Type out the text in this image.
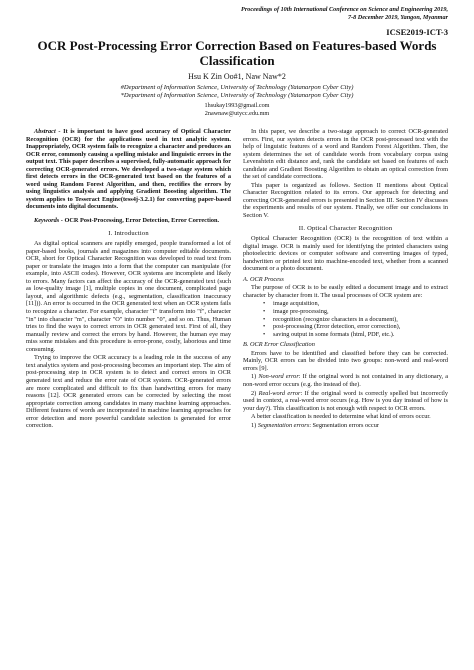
Proceedings of 10th International Conference on Science and Engineering 2019,
7-8 December 2019, Yangon, Myanmar
ICSE2019-ICT-3
OCR Post-Processing Error Correction Based on Features-based Words Classification
Hsu K Zin Oo#1, Naw Naw*2
#Department of Information Science, University of Technology (Yatanarpon Cyber City)
*Department of Information Science, University of Technology (Yatanarpon Cyber City)
1hsukay1993@gmail.com
2nawnaw@utycc.edu.mm

Abstract - It is important to have good accuracy of Optical Character Recognition (OCR) for the applications used in text analytic system. Inappropriately, OCR system fails to recognize a character and produces an OCR error, commonly causing a spelling mistake and linguistic errors in the output text. This paper describes a supervised, fully-automatic approach for correcting OCR-generated errors. We developed a two-stage system which first detects errors in the OCR-generated text based on the features of a word using Random Forest Algorithm, and then, rectifies the errors by using linguistics analysis and applying Gradient Boosting algorithm. The system applies to Tesseract Engine(tess4j-3.2.1) for converting paper-based documents into digital documents.

Keywords - OCR Post-Processing, Error Detection, Error Correction.

I. Introduction

As digital optical scanners are rapidly emerged, people transformed a lot of paper-based books, journals and magazines into computer editable documents. OCR, short for Optical Character Recognition was developed to read text from paper or translate the images into a form that the computer can manipulate (for example, into ASCII codes). However, OCR systems are incomplete and likely to errors. Many factors can affect the accuracy of the OCR-generated text (such as low-quality image [1], multiple copies in one document, complicated page layout, and algorithmic defects (e.g., segmentation, classification inaccuracy [11])). An error is occurred in the OCR generated text when an OCR system fails to recognize a character. For example, character "f" transform into "f", character "in" into character "m", character "O" into number "0", and so on. Thus, Human tries to find the ways to correct errors in OCR generated text. First of all, they manually review and correct the errors by hand. However, the human eye may miss some mistakes and this procedure is error-prone, costly, laborious and time consuming.

Trying to improve the OCR accuracy is a leading role in the success of any text analytics system and post-processing becomes an important step. The aim of post-processing step in OCR system is to detect and correct errors in OCR generated text and reduce the error rate of OCR system. OCR-generated errors are more complicated and difficult to fix than handwriting errors for many reasons [12]. OCR generated errors can be corrected by selecting the most appropriate correction among candidates in many machine learning approaches. Different features of words are incorporated in machine learning approaches for error detection and more powerful candidate selection is generated for error correction.

In this paper, we describe a two-stage approach to correct OCR-generated errors. First, our system detects errors in the OCR post-processed text with the help of linguistic features of a word and Random Forest Algorithm. Then, the system determines the set of candidate words from vocabulary corpus using Levenshtein edit distance and, rank the candidate set based on features of each candidate and Gradient Boosting Algorithm to obtain an optical correction from the set of candidate corrections.

This paper is organized as follows. Section II mentions about Optical Character Recognition related to its errors. Our approach for detecting and correcting OCR-generated errors is presented in Section III. Section IV discusses the experiments and results of our system. Finally, we offer our conclusions in Section V.

II. Optical Character Recognition

Optical Character Recognition (OCR) is the recognition of text within a digital image. OCR is mainly used for identifying the printed characters using photoelectric devices or computer software and converting images of typed, handwritten or printed text into machine-encoded text, whether from a scanned document or a photo document.

A. OCR Process

The purpose of OCR is to be easily edited a document image and to extract character by character from it. The usual processes of OCR system are:

• image acquisition,
• image pre-processing,
• recognition (recognize characters in a document),
• post-processing (Error detection, error correction),
• saving output in some formats (html, PDF, etc.).
B. OCR Error Classification

Errors have to be identified and classified before they can be corrected. Mainly, OCR errors can be divided into two groups: non-word and real-word errors [9].

1) Non-word error: If the original word is not contained in any dictionary, a non-word error occurs (e.g. tho instead of the).

2) Real-word error: If the original word is correctly spelled but incorrectly used in context, a real-word error occurs (e.g. How is you day instead of how is your day?). This classification is not enough with respect to OCR errors.

A better classification is needed to determine what kind of errors occur.

1) Segmentation errors: Segmentation errors occur
